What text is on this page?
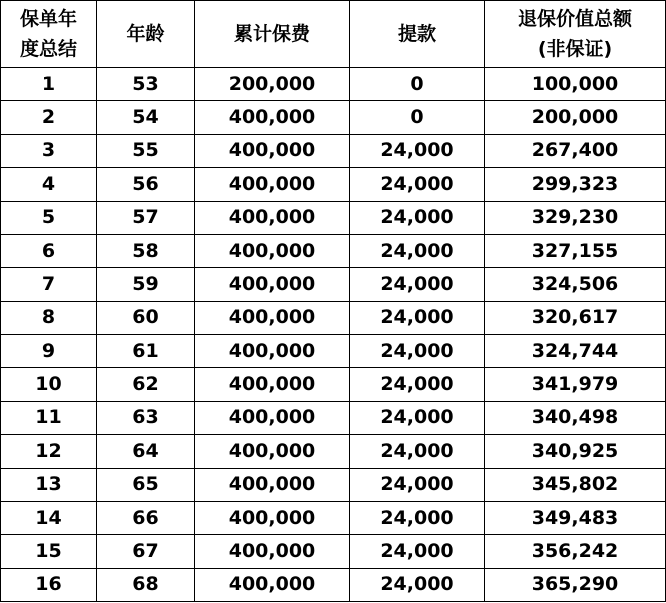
保单年
度总结	年龄	累计保费	提款	退保价值总额
(非保证)

1	53	200,000	0	100,000
2	54	400,000	0	200,000
3	55	400,000	24,000	267,400
4	56	400,000	24,000	299,323
5	57	400,000	24,000	329,230
6	58	400,000	24,000	327,155
7	59	400,000	24,000	324,506
8	60	400,000	24,000	320,617
9	61	400,000	24,000	324,744
10	62	400,000	24,000	341,979
11	63	400,000	24,000	340,498
12	64	400,000	24,000	340,925
13	65	400,000	24,000	345,802
14	66	400,000	24,000	349,483
15	67	400,000	24,000	356,242
16	68	400,000	24,000	365,290
